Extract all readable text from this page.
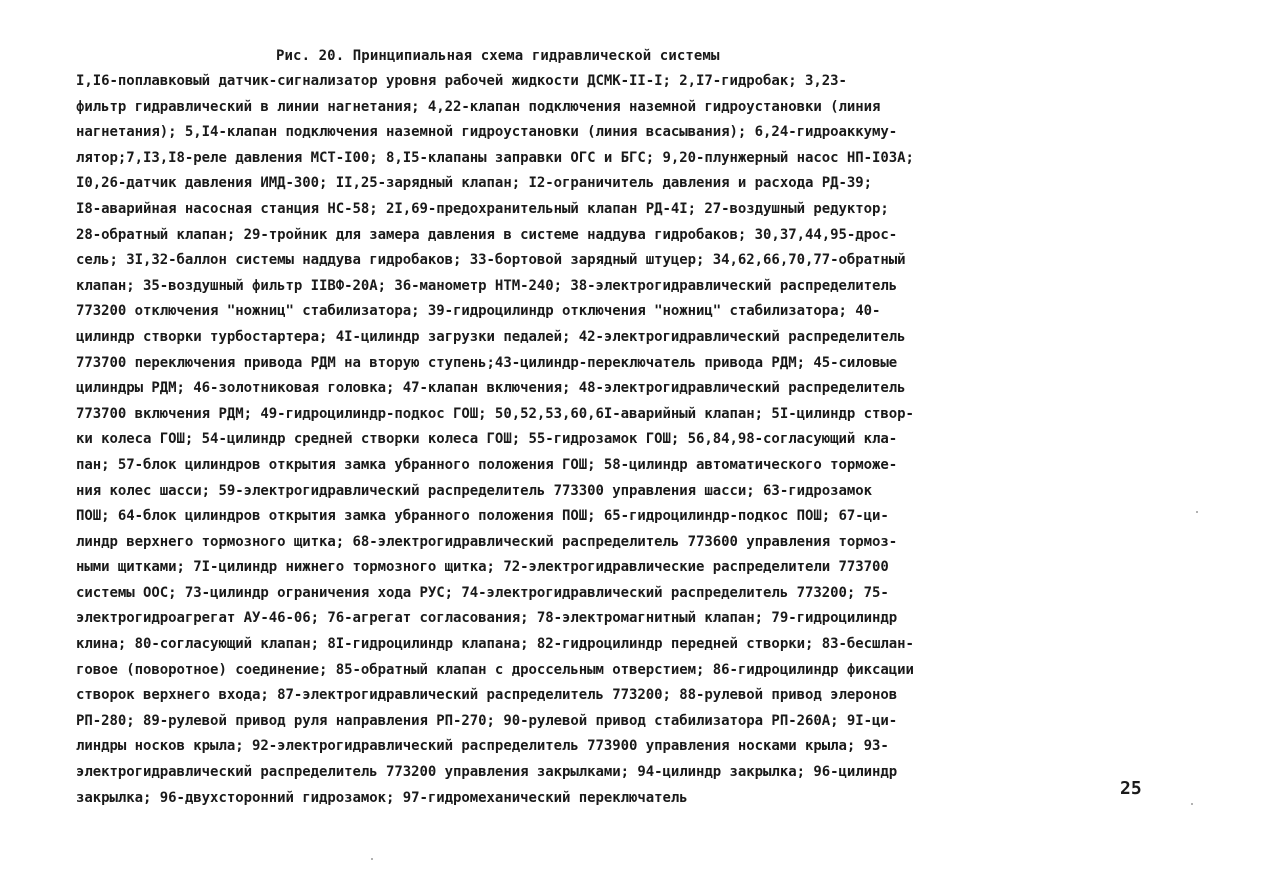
Рис. 20. Принципиальная схема гидравлической системы
I,I6-поплавковый датчик-сигнализатор уровня рабочей жидкости ДСМК-II-I; 2,I7-гидробак; 3,23-
фильтр гидравлический в линии нагнетания; 4,22-клапан подключения наземной гидроустановки (линия
нагнетания); 5,I4-клапан подключения наземной гидроустановки (линия всасывания); 6,24-гидроаккуму-
лятор;7,I3,I8-реле давления МСТ-I00; 8,I5-клапаны заправки ОГС и БГС; 9,20-плунжерный насос НП-I03А;
I0,26-датчик давления ИМД-300; II,25-зарядный клапан; I2-ограничитель давления и расхода РД-39;
I8-аварийная насосная станция НС-58; 2I,69-предохранительный клапан РД-4I; 27-воздушный редуктор;
28-обратный клапан; 29-тройник для замера давления в системе наддува гидробаков; 30,37,44,95-дрос-
сель; 3I,32-баллон системы наддува гидробаков; 33-бортовой зарядный штуцер; 34,62,66,70,77-обратный
клапан; 35-воздушный фильтр IIВФ-20А; 36-манометр НТМ-240; 38-электрогидравлический распределитель
773200 отключения "ножниц" стабилизатора; 39-гидроцилиндр отключения "ножниц" стабилизатора; 40-
цилиндр створки турбостартера; 4I-цилиндр загрузки педалей; 42-электрогидравлический распределитель
773700 переключения привода РДМ на вторую ступень;43-цилиндр-переключатель привода РДМ; 45-силовые
цилиндры РДМ; 46-золотниковая головка; 47-клапан включения; 48-электрогидравлический распределитель
773700 включения РДМ; 49-гидроцилиндр-подкос ГОШ; 50,52,53,60,6I-аварийный клапан; 5I-цилиндр створ-
ки колеса ГОШ; 54-цилиндр средней створки колеса ГОШ; 55-гидрозамок ГОШ; 56,84,98-согласующий кла-
пан; 57-блок цилиндров открытия замка убранного положения ГОШ; 58-цилиндр автоматического торможе-
ния колес шасси; 59-электрогидравлический распределитель 773300 управления шасси; 63-гидрозамок
ПОШ; 64-блок цилиндров открытия замка убранного положения ПОШ; 65-гидроцилиндр-подкос ПОШ; 67-ци-
линдр верхнего тормозного щитка; 68-электрогидравлический распределитель 773600 управления тормоз-
ными щитками; 7I-цилиндр нижнего тормозного щитка; 72-электрогидравлические распределители 773700
системы ООС; 73-цилиндр ограничения хода РУС; 74-электрогидравлический распределитель 773200; 75-
электрогидроагрегат АУ-46-06; 76-агрегат согласования; 78-электромагнитный клапан; 79-гидроцилиндр
клина; 80-согласующий клапан; 8I-гидроцилиндр клапана; 82-гидроцилиндр передней створки; 83-бесшлан-
говое (поворотное) соединение; 85-обратный клапан с дроссельным отверстием; 86-гидроцилиндр фиксации
створок верхнего входа; 87-электрогидравлический распределитель 773200; 88-рулевой привод элеронов
РП-280; 89-рулевой привод руля направления РП-270; 90-рулевой привод стабилизатора РП-260А; 9I-ци-
линдры носков крыла; 92-электрогидравлический распределитель 773900 управления носками крыла; 93-
электрогидравлический распределитель 773200 управления закрылками; 94-цилиндр закрылка; 96-цилиндр
закрылка; 96-двухсторонний гидрозамок; 97-гидромеханический переключатель	25
